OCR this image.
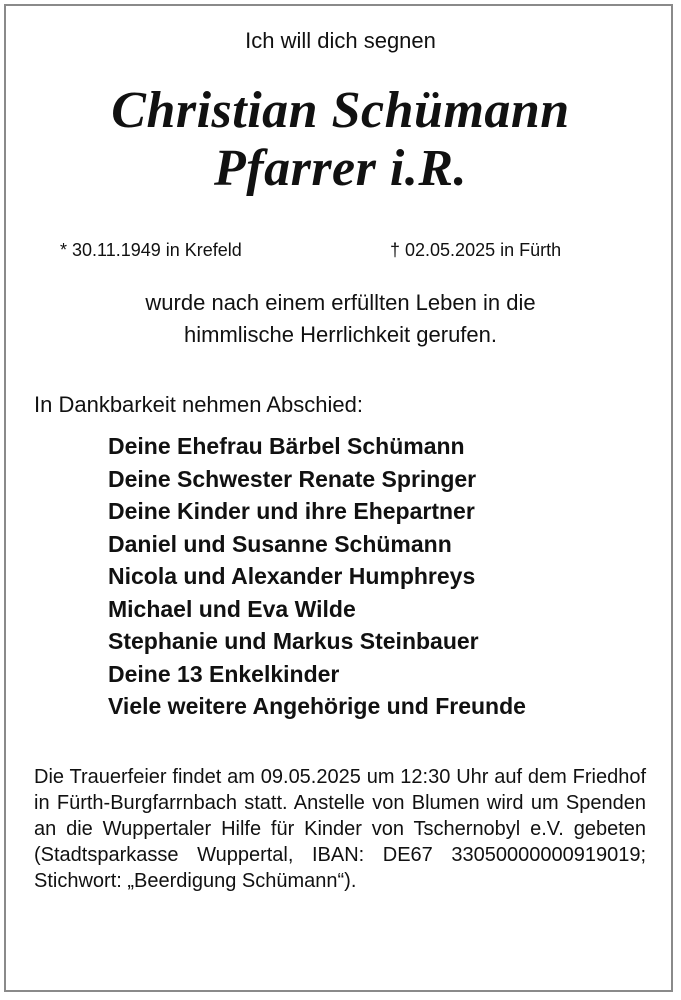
Ich will dich segnen
Christian Schümann
Pfarrer i.R.
* 30.11.1949 in Krefeld	† 02.05.2025 in Fürth
wurde nach einem erfüllten Leben in die
himmlische Herrlichkeit gerufen.
In Dankbarkeit nehmen Abschied:
Deine Ehefrau Bärbel Schümann
Deine Schwester Renate Springer
Deine Kinder und ihre Ehepartner
Daniel und Susanne Schümann
Nicola und Alexander Humphreys
Michael und Eva Wilde
Stephanie und Markus Steinbauer
Deine 13 Enkelkinder
Viele weitere Angehörige und Freunde

Die Trauerfeier findet am 09.05.2025 um 12:30 Uhr auf dem Friedhof in Fürth-Burgfarrnbach statt. Anstelle von Blumen wird um Spenden an die Wuppertaler Hilfe für Kinder von Tschernobyl e.V. gebeten (Stadtsparkasse Wuppertal, IBAN: DE67 33050000000919019; Stichwort: „Beerdigung Schümann“).
